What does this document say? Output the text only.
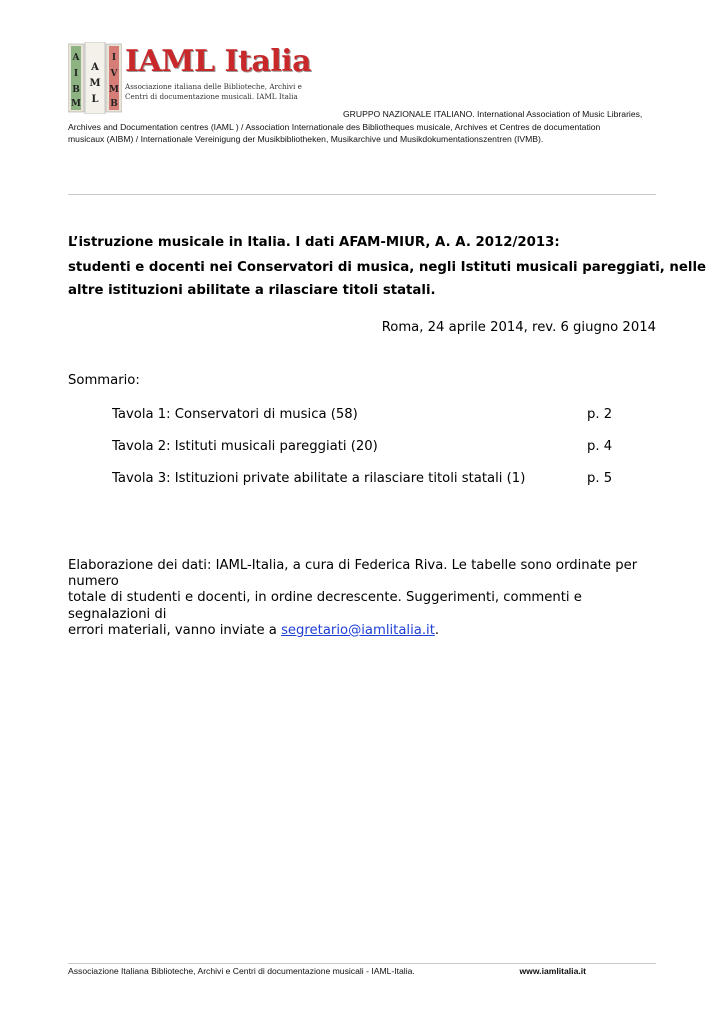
A
I
B
M
A
M
L
I
V
M
B
IAML Italia
Associazione italiana delle Biblioteche, Archivi e
Centri di documentazione musicali. IAML Italia
GRUPPO NAZIONALE ITALIANO. International Association of Music Libraries,
Archives and Documentation centres (IAML ) / Association Internationale des Bibliotheques musicale, Archives et Centres de documentation
musicaux (AIBM) / Internationale Vereinigung der Musikbibliotheken, Musikarchive und Musikdokumentationszentren (IVMB).
L’istruzione musicale in Italia. I dati AFAM-MIUR, A. A. 2012/2013:
studenti e docenti nei Conservatori di musica, negli Istituti musicali pareggiati, nelle
altre istituzioni abilitate a rilasciare titoli statali.
Roma, 24 aprile 2014, rev. 6 giugno 2014
Sommario:
Tavola 1: Conservatori di musica (58)	p. 2
Tavola 2: Istituti musicali pareggiati (20)	p. 4
Tavola 3: Istituzioni private abilitate a rilasciare titoli statali (1)	p. 5
Elaborazione dei dati: IAML-Italia, a cura di Federica Riva. Le tabelle sono ordinate per numero
totale di studenti e docenti, in ordine decrescente. Suggerimenti, commenti e segnalazioni di
errori materiali, vanno inviate a segretario@iamlitalia.it.
Associazione Italiana Biblioteche, Archivi e Centri di documentazione musicali - IAML-Italia.	www.iamlitalia.it
